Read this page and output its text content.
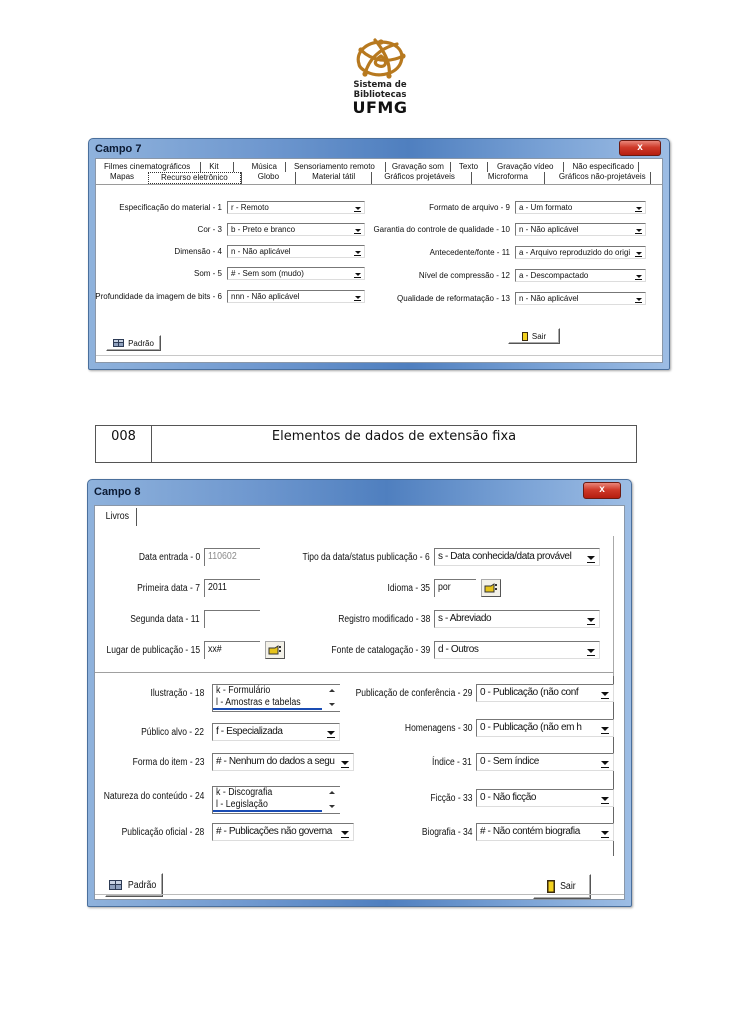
Sistema de
Bibliotecas
UFMG
Campo 7	x
Filmes cinematográficos	Kit	Música	Sensoriamento remoto	Gravação som	Texto	Gravação vídeo	Não especificado
Mapas	Recurso eletrônico	Globo	Material tátil	Gráficos projetáveis	Microforma	Gráficos não-projetáveis
Especificação do material - 1 r - Remoto
Cor - 3 b - Preto e branco
Dimensão - 4 n - Não aplicável
Som - 5 # - Sem som (mudo)
Profundidade da imagem de bits - 6 nnn - Não aplicável
Formato de arquivo - 9 a - Um formato
Garantia do controle de qualidade - 10 n - Não aplicável
Antecedente/fonte - 11 a - Arquivo reproduzido do origi
Nível de compressão - 12 a - Descompactado
Qualidade de reformatação - 13 n - Não aplicável
Padrão
Sair
008	Elementos de dados de extensão fixa
Campo 8	x
Livros
Data entrada - 0 110602
Primeira data - 7 2011
Segunda data - 11
Lugar de publicação - 15 xx#
Tipo da data/status publicação - 6 s - Data conhecida/data provável
Idioma - 35 por
Registro modificado - 38 s - Abreviado
Fonte de catalogação - 39 d - Outros
Ilustração - 18 k - Formulário
l - Amostras e tabelas
Público alvo - 22 f - Especializada
Forma do item - 23 # - Nenhum do dados a segu
Natureza do conteúdo - 24 k - Discografia
l - Legislação
Publicação oficial - 28 # - Publicações não governa
Publicação de conferência - 29 0 - Publicação (não conf
Homenagens - 30 0 - Publicação (não em h
Índice - 31 0 - Sem índice
Ficção - 33 0 - Não ficção
Biografia - 34 # - Não contém biografia
Padrão	Sair
